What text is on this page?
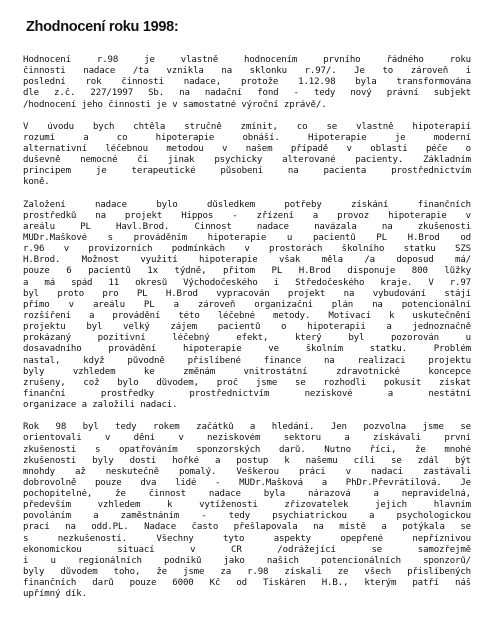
Zhodnocení roku 1998:
Hodnocení r.98 je vlastně hodnocením prvního řádného roku
činnosti nadace /ta vznikla na sklonku r.97/. Je to zároveň i
poslední rok činnosti nadace, protože 1.12.98 byla transformována
dle z.č. 227/1997 Sb. na nadační fond - tedy nový právní subjekt
/hodnocení jeho činnosti je v samostatné výroční zprávě/.
V úvodu bych chtěla stručně zmínit, co se vlastně hipoterapií
rozumí a co hipoterapie obnáší. Hipoterapie je moderní
alternativní léčebnou metodou v našem případě v oblasti péče o
duševně nemocné či jinak psychicky alterované pacienty. Základním
principem je terapeutické působení na pacienta prostřednictvím
koně.
Založení nadace bylo důsledkem potřeby získání finančních
prostředků na projekt Hippos - zřízení a provoz hipoterapie v
areálu PL Havl.Brod. Činnost nadace navázala na zkušenosti
MUDr.Maškové s prováděním hipoterapie u pacientů PL H.Brod od
r.96 v provizorních podmínkách v prostorách školního statku SZŠ
H.Brod. Možnost využití hipoterapie však měla /a doposud má/
pouze 6 pacientů 1x týdně, přitom PL H.Brod disponuje 800 lůžky
a má spád 11 okresů Východočeského i Středočeského kraje. V r.97
byl proto pro PL H.Brod vypracován projekt na vybudování stájí
přímo v areálu PL a zároveň organizační plán na potencionální
rozšíření a provádění této léčebné metody. Motivací k uskutečnění
projektu byl velký zájem pacientů o hipoterapii a jednoznačně
prokázaný pozitivní léčebný efekt, který byl pozorován u
dosavadního provádění hipoterapie ve školním statku. Problém
nastal, když původně přislíbené finance na realizaci projektu
byly vzhledem ke změnám vnitrostátní zdravotnické koncepce
zrušeny, což bylo důvodem, proč jsme se rozhodli pokusit získat
finanční prostředky prostřednictvím neziskové a nestátní
organizace a založili nadaci.
Rok 98 byl tedy rokem začátků a hledání. Jen pozvolna jsme se
orientovali v dění v neziskovém sektoru a získávali první
zkušenosti s opatřováním sponzorských darů. Nutno říci, že mnohé
zkušenosti byly dosti hořké a postup k našemu cíli se zdál být
mnohdy až neskutečně pomalý. Veškerou práci v nadaci zastávali
dobrovolně pouze dva lidé - MUDr.Mašková a PhDr.Převrátilová. Je
pochopitelné, že činnost nadace byla nárazová a nepravidelná,
především vzhledem k vytíženosti zřizovatelek jejich hlavním
povoláním a zaměstnáním - tedy psychiatrickou a psychologickou
prací na odd.PL. Nadace často přešlapovala na místě a potýkala se
s nezkušeností. Všechny tyto aspekty opepřené nepříznivou
ekonomickou situací v ČR /odrážející se samozřejmě
i u regionálních podniků jako našich potencionálních sponzorů/
byly důvodem toho, že jsme za r.98 získali ze všech přislíbených
finančních darů pouze 6000 Kč od Tiskáren H.B., kterým patří náš
upřímný dík.
